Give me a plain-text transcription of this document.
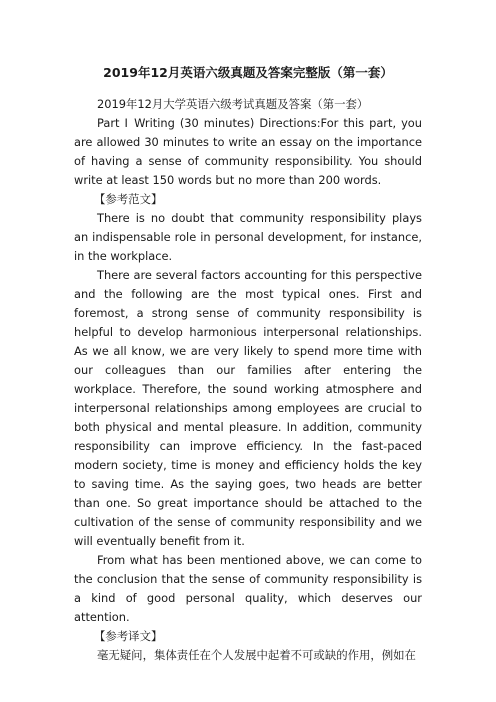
2019年12月英语六级真题及答案完整版（第一套）

2019年12月大学英语六级考试真题及答案（第一套）

Part Ⅰ Writing (30 minutes) Directions:For this part, you are allowed 30 minutes to write an essay on the importance of having a sense of community responsibility. You should write at least 150 words but no more than 200 words.

【参考范文】

There is no doubt that community responsibility plays an indispensable role in personal development, for instance, in the workplace.

There are several factors accounting for this perspective and the following are the most typical ones. First and foremost, a strong sense of community responsibility is helpful to develop harmonious interpersonal relationships. As we all know, we are very likely to spend more time with our colleagues than our families after entering the workplace. Therefore, the sound working atmosphere and interpersonal relationships among employees are crucial to both physical and mental pleasure. In addition, community responsibility can improve efficiency. In the fast-paced modern society, time is money and efficiency holds the key to saving time. As the saying goes, two heads are better than one. So great importance should be attached to the cultivation of the sense of community responsibility and we will eventually benefit from it.

From what has been mentioned above, we can come to the conclusion that the sense of community responsibility is a kind of good personal quality, which deserves our attention.

【参考译文】

毫无疑问，集体责任在个人发展中起着不可或缺的作用，例如在
